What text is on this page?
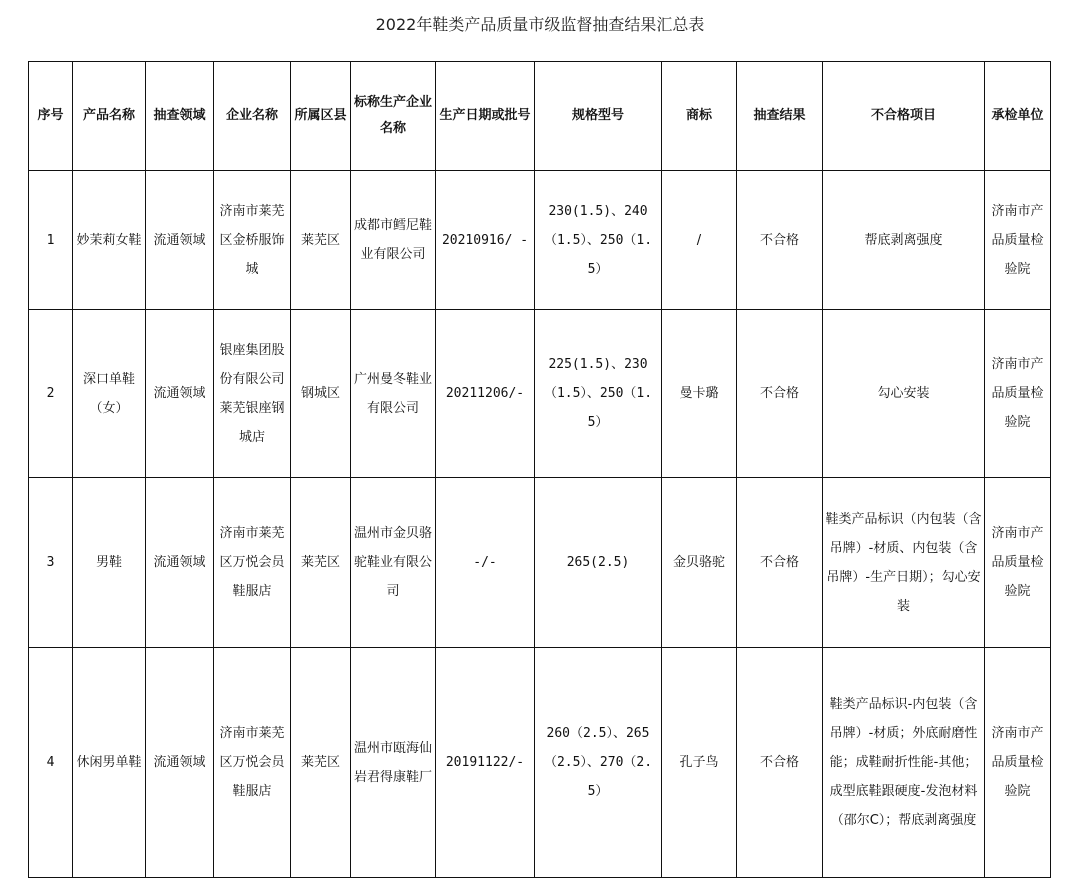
2022年鞋类产品质量市级监督抽查结果汇总表
序号	产品名称	抽查领域	企业名称	所属区县	标称生产企业名称	生产日期或批号	规格型号	商标	抽查结果	不合格项目	承检单位
1	妙茉莉女鞋	流通领域	济南市莱芜区金桥服饰城	莱芜区	成都市鳕尼鞋业有限公司	20210916/ -	230(1.5)、240（1.5）、250（1.5）	/	不合格	帮底剥离强度	济南市产品质量检验院
2	深口单鞋（女）	流通领域	银座集团股份有限公司莱芜银座钢城店	钢城区	广州曼冬鞋业有限公司	20211206/-	225(1.5)、230（1.5）、250（1.5）	曼卡璐	不合格	勾心安装	济南市产品质量检验院
3	男鞋	流通领域	济南市莱芜区万悦会员鞋服店	莱芜区	温州市金贝骆驼鞋业有限公司	-/-	265(2.5)	金贝骆驼	不合格	鞋类产品标识（内包装（含吊牌）-材质、内包装（含吊牌）-生产日期）；勾心安装	济南市产品质量检验院
4	休闲男单鞋	流通领域	济南市莱芜区万悦会员鞋服店	莱芜区	温州市瓯海仙岩君得康鞋厂	20191122/-	260（2.5）、265（2.5）、270（2.5）	孔子鸟	不合格	鞋类产品标识-内包装（含吊牌）-材质；外底耐磨性能；成鞋耐折性能-其他；成型底鞋跟硬度-发泡材料（邵尔C）；帮底剥离强度	济南市产品质量检验院
